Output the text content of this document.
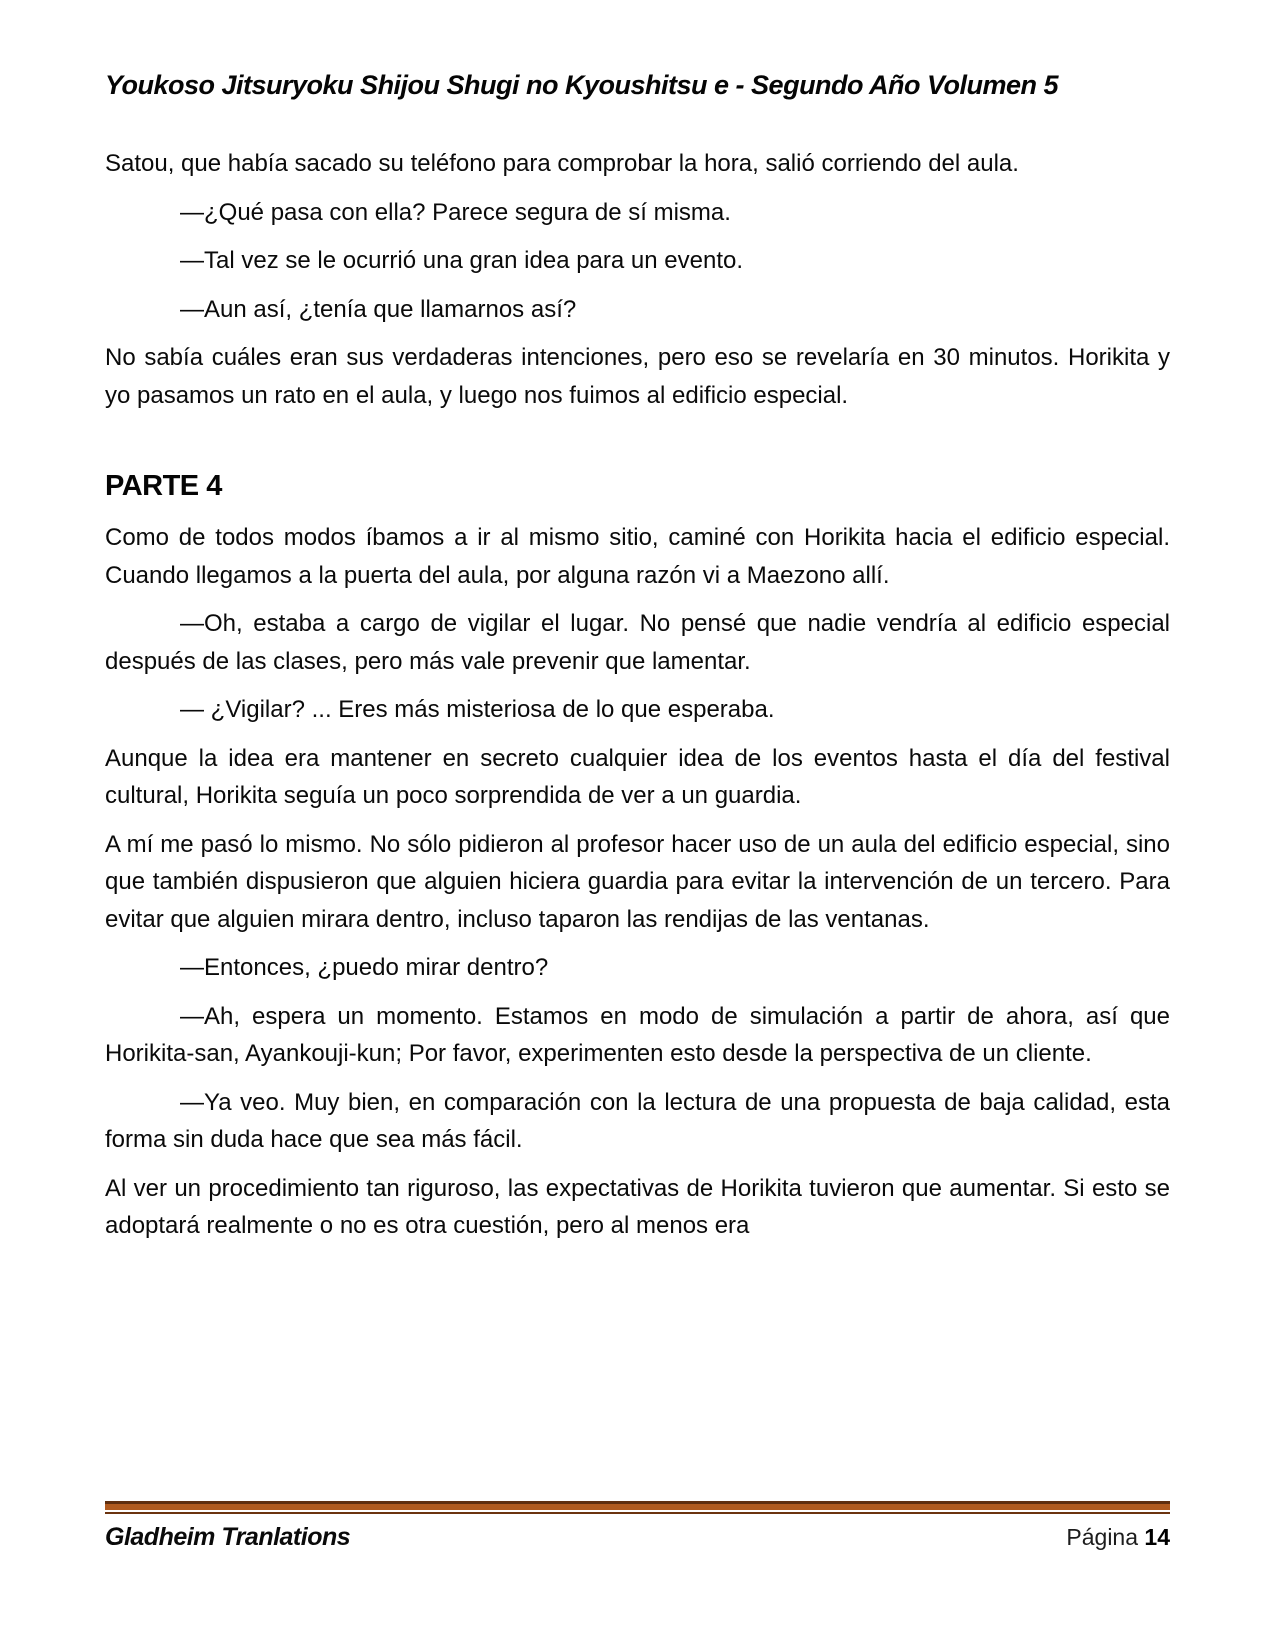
Youkoso Jitsuryoku Shijou Shugi no Kyoushitsu e - Segundo Año Volumen 5

Satou, que había sacado su teléfono para comprobar la hora, salió corriendo del aula.

—¿Qué pasa con ella? Parece segura de sí misma.

—Tal vez se le ocurrió una gran idea para un evento.

—Aun así, ¿tenía que llamarnos así?

No sabía cuáles eran sus verdaderas intenciones, pero eso se revelaría en 30 minutos. Horikita y yo pasamos un rato en el aula, y luego nos fuimos al edificio especial.

PARTE 4

Como de todos modos íbamos a ir al mismo sitio, caminé con Horikita hacia el edificio especial. Cuando llegamos a la puerta del aula, por alguna razón vi a Maezono allí.

—Oh, estaba a cargo de vigilar el lugar. No pensé que nadie vendría al edificio especial después de las clases, pero más vale prevenir que lamentar.

— ¿Vigilar? ... Eres más misteriosa de lo que esperaba.

Aunque la idea era mantener en secreto cualquier idea de los eventos hasta el día del festival cultural, Horikita seguía un poco sorprendida de ver a un guardia.

A mí me pasó lo mismo. No sólo pidieron al profesor hacer uso de un aula del edificio especial, sino que también dispusieron que alguien hiciera guardia para evitar la intervención de un tercero. Para evitar que alguien mirara dentro, incluso taparon las rendijas de las ventanas.

—Entonces, ¿puedo mirar dentro?

—Ah, espera un momento. Estamos en modo de simulación a partir de ahora, así que Horikita-san, Ayankouji-kun; Por favor, experimenten esto desde la perspectiva de un cliente.

—Ya veo. Muy bien, en comparación con la lectura de una propuesta de baja calidad, esta forma sin duda hace que sea más fácil.

Al ver un procedimiento tan riguroso, las expectativas de Horikita tuvieron que aumentar. Si esto se adoptará realmente o no es otra cuestión, pero al menos era

Gladheim Tranlations	Página 14
